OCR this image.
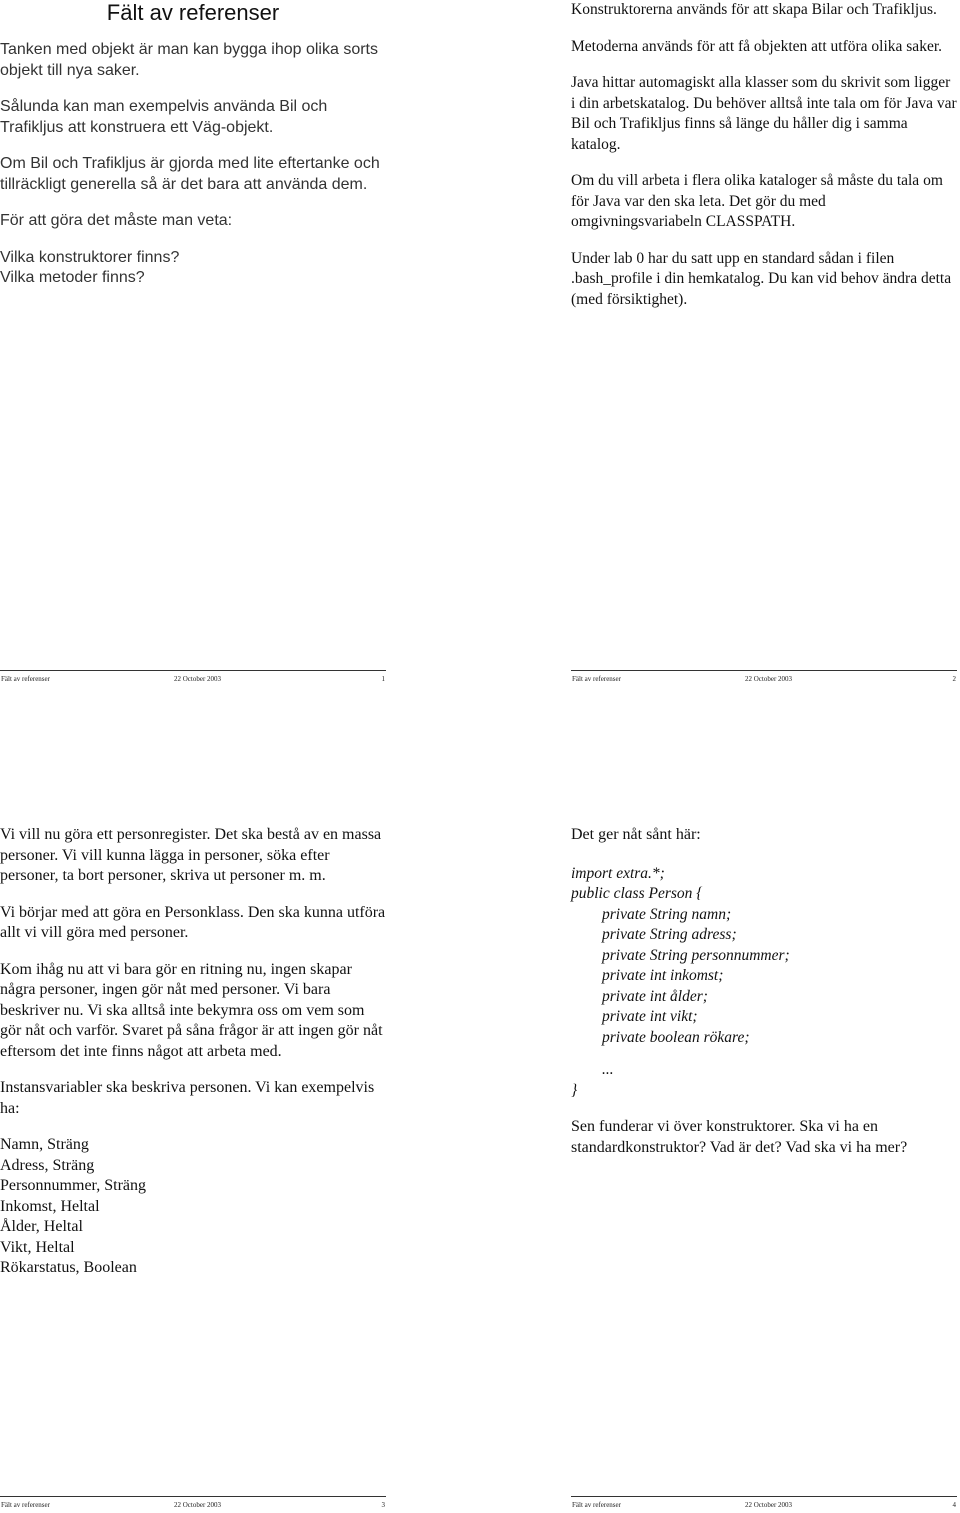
Fält av referenser

Tanken med objekt är man kan bygga ihop olika sorts objekt till nya saker.

Sålunda kan man exempelvis använda Bil och Trafikljus att konstruera ett Väg-objekt.

Om Bil och Trafikljus är gjorda med lite eftertanke och tillräckligt generella så är det bara att använda dem.

För att göra det måste man veta:

Vilka konstruktorer finns?
Vilka metoder finns?

Konstruktorerna används för att skapa Bilar och Trafikljus.

Metoderna används för att få objekten att utföra olika saker.

Java hittar automagiskt alla klasser som du skrivit som ligger i din arbetskatalog. Du behöver alltså inte tala om för Java var Bil och Trafikljus finns så länge du håller dig i samma katalog.

Om du vill arbeta i flera olika kataloger så måste du tala om för Java var den ska leta. Det gör du med omgivningsvariabeln CLASSPATH.

Under lab 0 har du satt upp en standard sådan i filen .bash_profile i din hemkatalog. Du kan vid behov ändra detta (med försiktighet).

Fält av referenser	22 October 2003	1	Fält av referenser	22 October 2003	2

Vi vill nu göra ett personregister. Det ska bestå av en massa personer. Vi vill kunna lägga in personer, söka efter personer, ta bort personer, skriva ut personer m. m.

Vi börjar med att göra en Personklass. Den ska kunna utföra allt vi vill göra med personer.

Kom ihåg nu att vi bara gör en ritning nu, ingen skapar några personer, ingen gör nåt med personer. Vi bara beskriver nu. Vi ska alltså inte bekymra oss om vem som gör nåt och varför. Svaret på såna frågor är att ingen gör nåt eftersom det inte finns något att arbeta med.

Instansvariabler ska beskriva personen. Vi kan exempelvis ha:

Namn, Sträng
Adress, Sträng
Personnummer, Sträng
Inkomst, Heltal
Ålder, Heltal
Vikt, Heltal
Rökarstatus, Boolean

Det ger nåt sånt här:

import extra.*;
public class Person {
private String namn;
private String adress;
private String personnummer;
private int inkomst;
private int ålder;
private int vikt;
private boolean rökare;
...
}

Sen funderar vi över konstruktorer. Ska vi ha en standardkonstruktor? Vad är det? Vad ska vi ha mer?

Fält av referenser	22 October 2003	3	Fält av referenser	22 October 2003	4
